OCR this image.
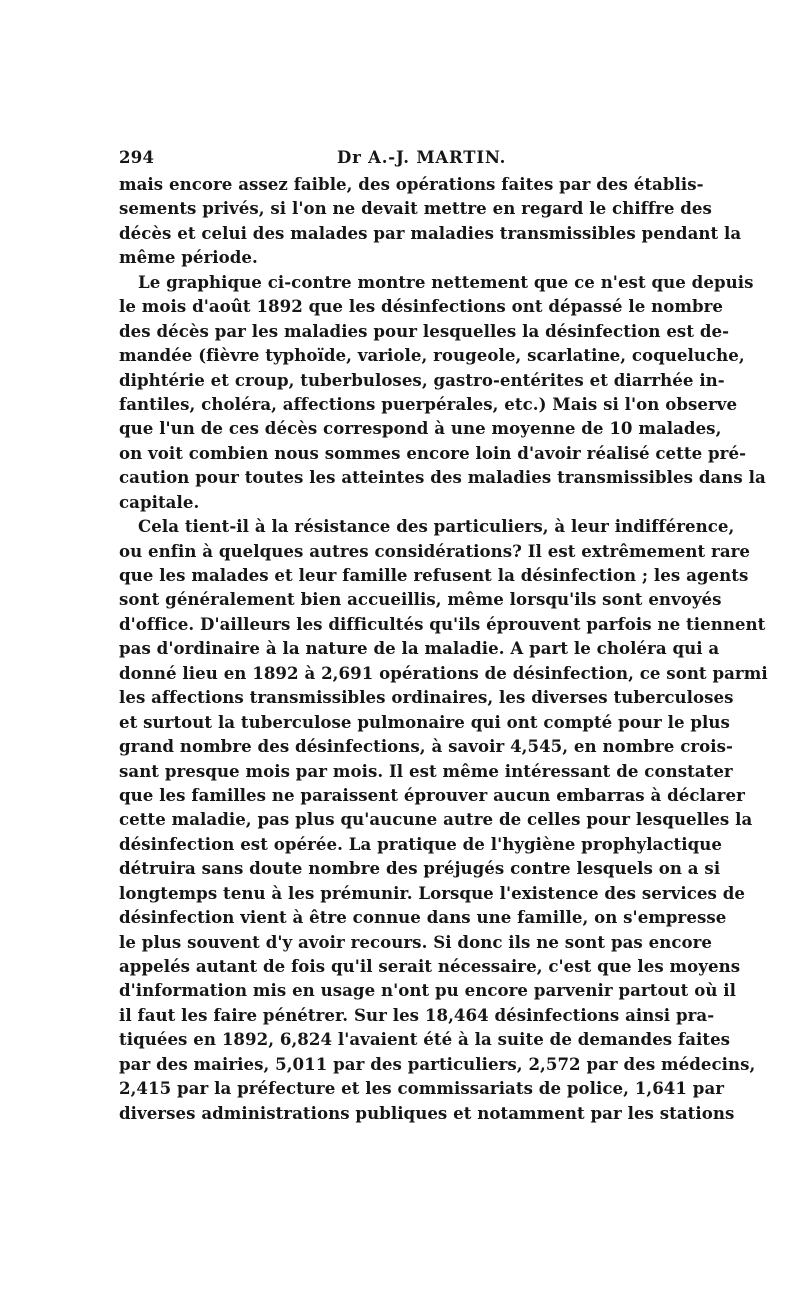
294	Dr A.-J. MARTIN.
mais encore assez faible, des opérations faites par des établis-
sements privés, si l'on ne devait mettre en regard le chiffre des
décès et celui des malades par maladies transmissibles pendant la
même période.
Le graphique ci-contre montre nettement que ce n'est que depuis
le mois d'août 1892 que les désinfections ont dépassé le nombre
des décès par les maladies pour lesquelles la désinfection est de-
mandée (fièvre typhoïde, variole, rougeole, scarlatine, coqueluche,
diphtérie et croup, tuberbuloses, gastro-entérites et diarrhée in-
fantiles, choléra, affections puerpérales, etc.) Mais si l'on observe
que l'un de ces décès correspond à une moyenne de 10 malades,
on voit combien nous sommes encore loin d'avoir réalisé cette pré-
caution pour toutes les atteintes des maladies transmissibles dans la
capitale.
Cela tient-il à la résistance des particuliers, à leur indifférence,
ou enfin à quelques autres considérations? Il est extrêmement rare
que les malades et leur famille refusent la désinfection ; les agents
sont généralement bien accueillis, même lorsqu'ils sont envoyés
d'office. D'ailleurs les difficultés qu'ils éprouvent parfois ne tiennent
pas d'ordinaire à la nature de la maladie. A part le choléra qui a
donné lieu en 1892 à 2,691 opérations de désinfection, ce sont parmi
les affections transmissibles ordinaires, les diverses tuberculoses
et surtout la tuberculose pulmonaire qui ont compté pour le plus
grand nombre des désinfections, à savoir 4,545, en nombre crois-
sant presque mois par mois. Il est même intéressant de constater
que les familles ne paraissent éprouver aucun embarras à déclarer
cette maladie, pas plus qu'aucune autre de celles pour lesquelles la
désinfection est opérée. La pratique de l'hygiène prophylactique
détruira sans doute nombre des préjugés contre lesquels on a si
longtemps tenu à les prémunir. Lorsque l'existence des services de
désinfection vient à être connue dans une famille, on s'empresse
le plus souvent d'y avoir recours. Si donc ils ne sont pas encore
appelés autant de fois qu'il serait nécessaire, c'est que les moyens
d'information mis en usage n'ont pu encore parvenir partout où il
il faut les faire pénétrer. Sur les 18,464 désinfections ainsi pra-
tiquées en 1892, 6,824 l'avaient été à la suite de demandes faites
par des mairies, 5,011 par des particuliers, 2,572 par des médecins,
2,415 par la préfecture et les commissariats de police, 1,641 par
diverses administrations publiques et notamment par les stations
